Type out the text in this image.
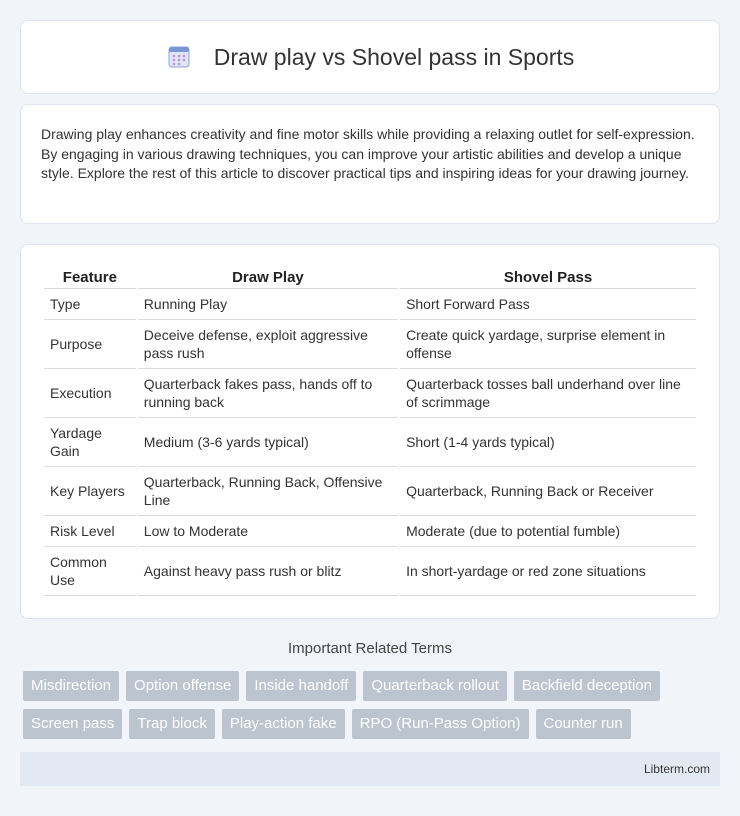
Draw play vs Shovel pass in Sports

Drawing play enhances creativity and fine motor skills while providing a relaxing outlet for self-expression. By engaging in various drawing techniques, you can improve your artistic abilities and develop a unique style. Explore the rest of this article to discover practical tips and inspiring ideas for your drawing journey.

Feature	Draw Play	Shovel Pass
Type	Running Play	Short Forward Pass
Purpose	Deceive defense, exploit aggressive pass rush	Create quick yardage, surprise element in offense
Execution	Quarterback fakes pass, hands off to running back	Quarterback tosses ball underhand over line of scrimmage
Yardage Gain	Medium (3-6 yards typical)	Short (1-4 yards typical)
Key Players	Quarterback, Running Back, Offensive Line	Quarterback, Running Back or Receiver
Risk Level	Low to Moderate	Moderate (due to potential fumble)
Common Use	Against heavy pass rush or blitz	In short-yardage or red zone situations
Important Related Terms
Misdirection	Option offense	Inside handoff	Quarterback rollout	Backfield deception
Screen pass	Trap block	Play-action fake	RPO (Run-Pass Option)	Counter run
Libterm.com
